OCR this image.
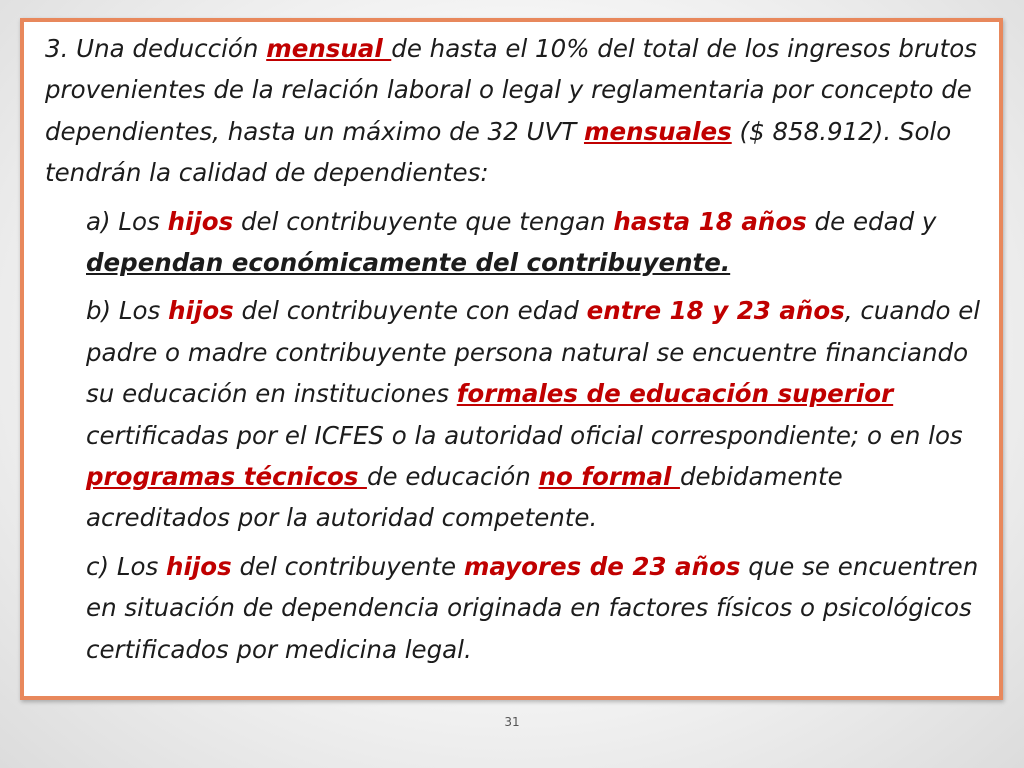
3. Una deducción mensual de hasta el 10% del total de los ingresos brutos provenientes de la relación laboral o legal y reglamentaria por concepto de dependientes, hasta un máximo de 32 UVT mensuales ($ 858.912). Solo tendrán la calidad de dependientes:

a) Los hijos del contribuyente que tengan hasta 18 años de edad y dependan económicamente del contribuyente.

b) Los hijos del contribuyente con edad entre 18 y 23 años, cuando el padre o madre contribuyente persona natural se encuentre financiando su educación en instituciones formales de educación superior certificadas por el ICFES o la autoridad oficial correspondiente; o en los programas técnicos de educación no formal debidamente acreditados por la autoridad competente.

c) Los hijos del contribuyente mayores de 23 años que se encuentren en situación de dependencia originada en factores físicos o psicológicos certificados por medicina legal.

31
